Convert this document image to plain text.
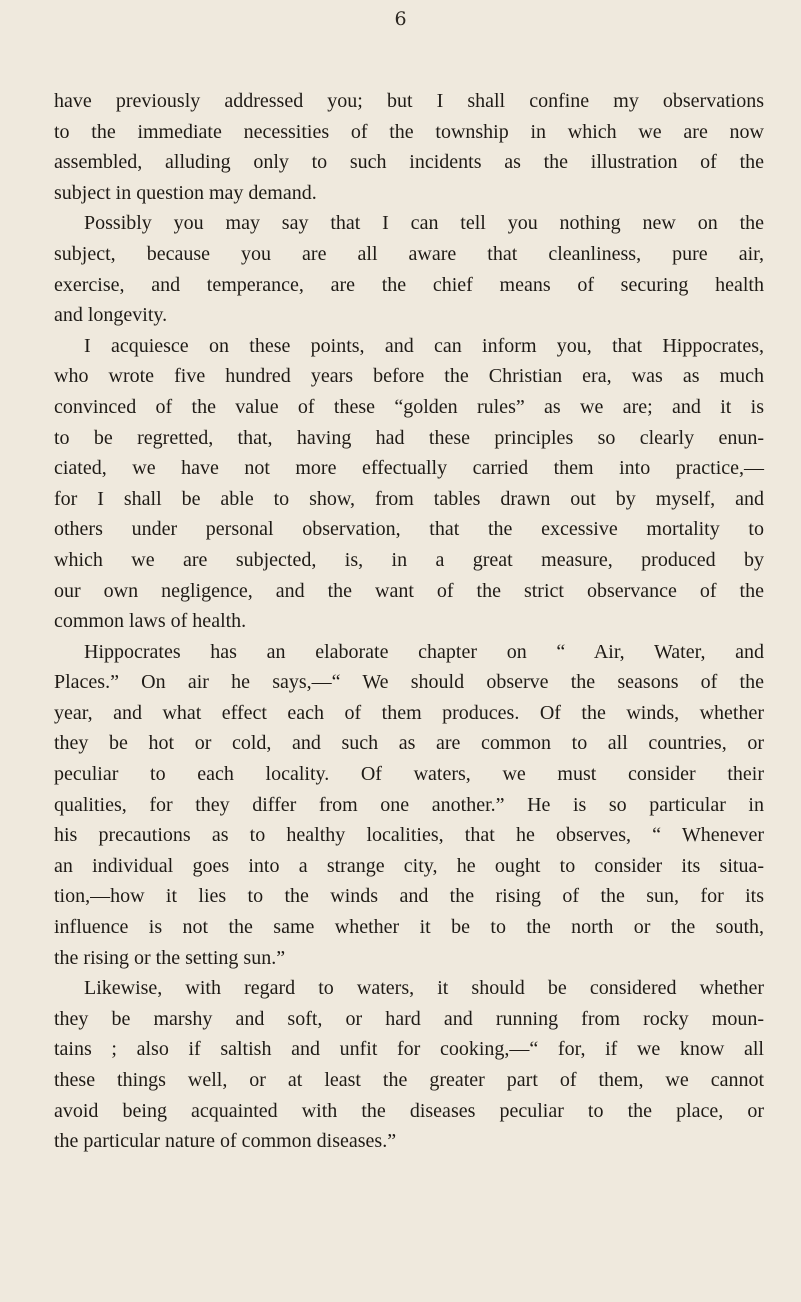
6
have previously addressed you; but I shall confine my observations
to the immediate necessities of the township in which we are now
assembled, alluding only to such incidents as the illustration of the
subject in question may demand.
Possibly you may say that I can tell you nothing new on the
subject, because you are all aware that cleanliness, pure air,
exercise, and temperance, are the chief means of securing health
and longevity.
I acquiesce on these points, and can inform you, that Hippocrates,
who wrote five hundred years before the Christian era, was as much
convinced of the value of these “golden rules” as we are; and it is
to be regretted, that, having had these principles so clearly enun-
ciated, we have not more effectually carried them into practice,—
for I shall be able to show, from tables drawn out by myself, and
others under personal observation, that the excessive mortality to
which we are subjected, is, in a great measure, produced by
our own negligence, and the want of the strict observance of the
common laws of health.
Hippocrates has an elaborate chapter on “ Air, Water, and
Places.” On air he says,—“ We should observe the seasons of the
year, and what effect each of them produces. Of the winds, whether
they be hot or cold, and such as are common to all countries, or
peculiar to each locality. Of waters, we must consider their
qualities, for they differ from one another.” He is so particular in
his precautions as to healthy localities, that he observes, “ Whenever
an individual goes into a strange city, he ought to consider its situa-
tion,—how it lies to the winds and the rising of the sun, for its
influence is not the same whether it be to the north or the south,
the rising or the setting sun.”
Likewise, with regard to waters, it should be considered whether
they be marshy and soft, or hard and running from rocky moun-
tains ; also if saltish and unfit for cooking,—“ for, if we know all
these things well, or at least the greater part of them, we cannot
avoid being acquainted with the diseases peculiar to the place, or
the particular nature of common diseases.”
